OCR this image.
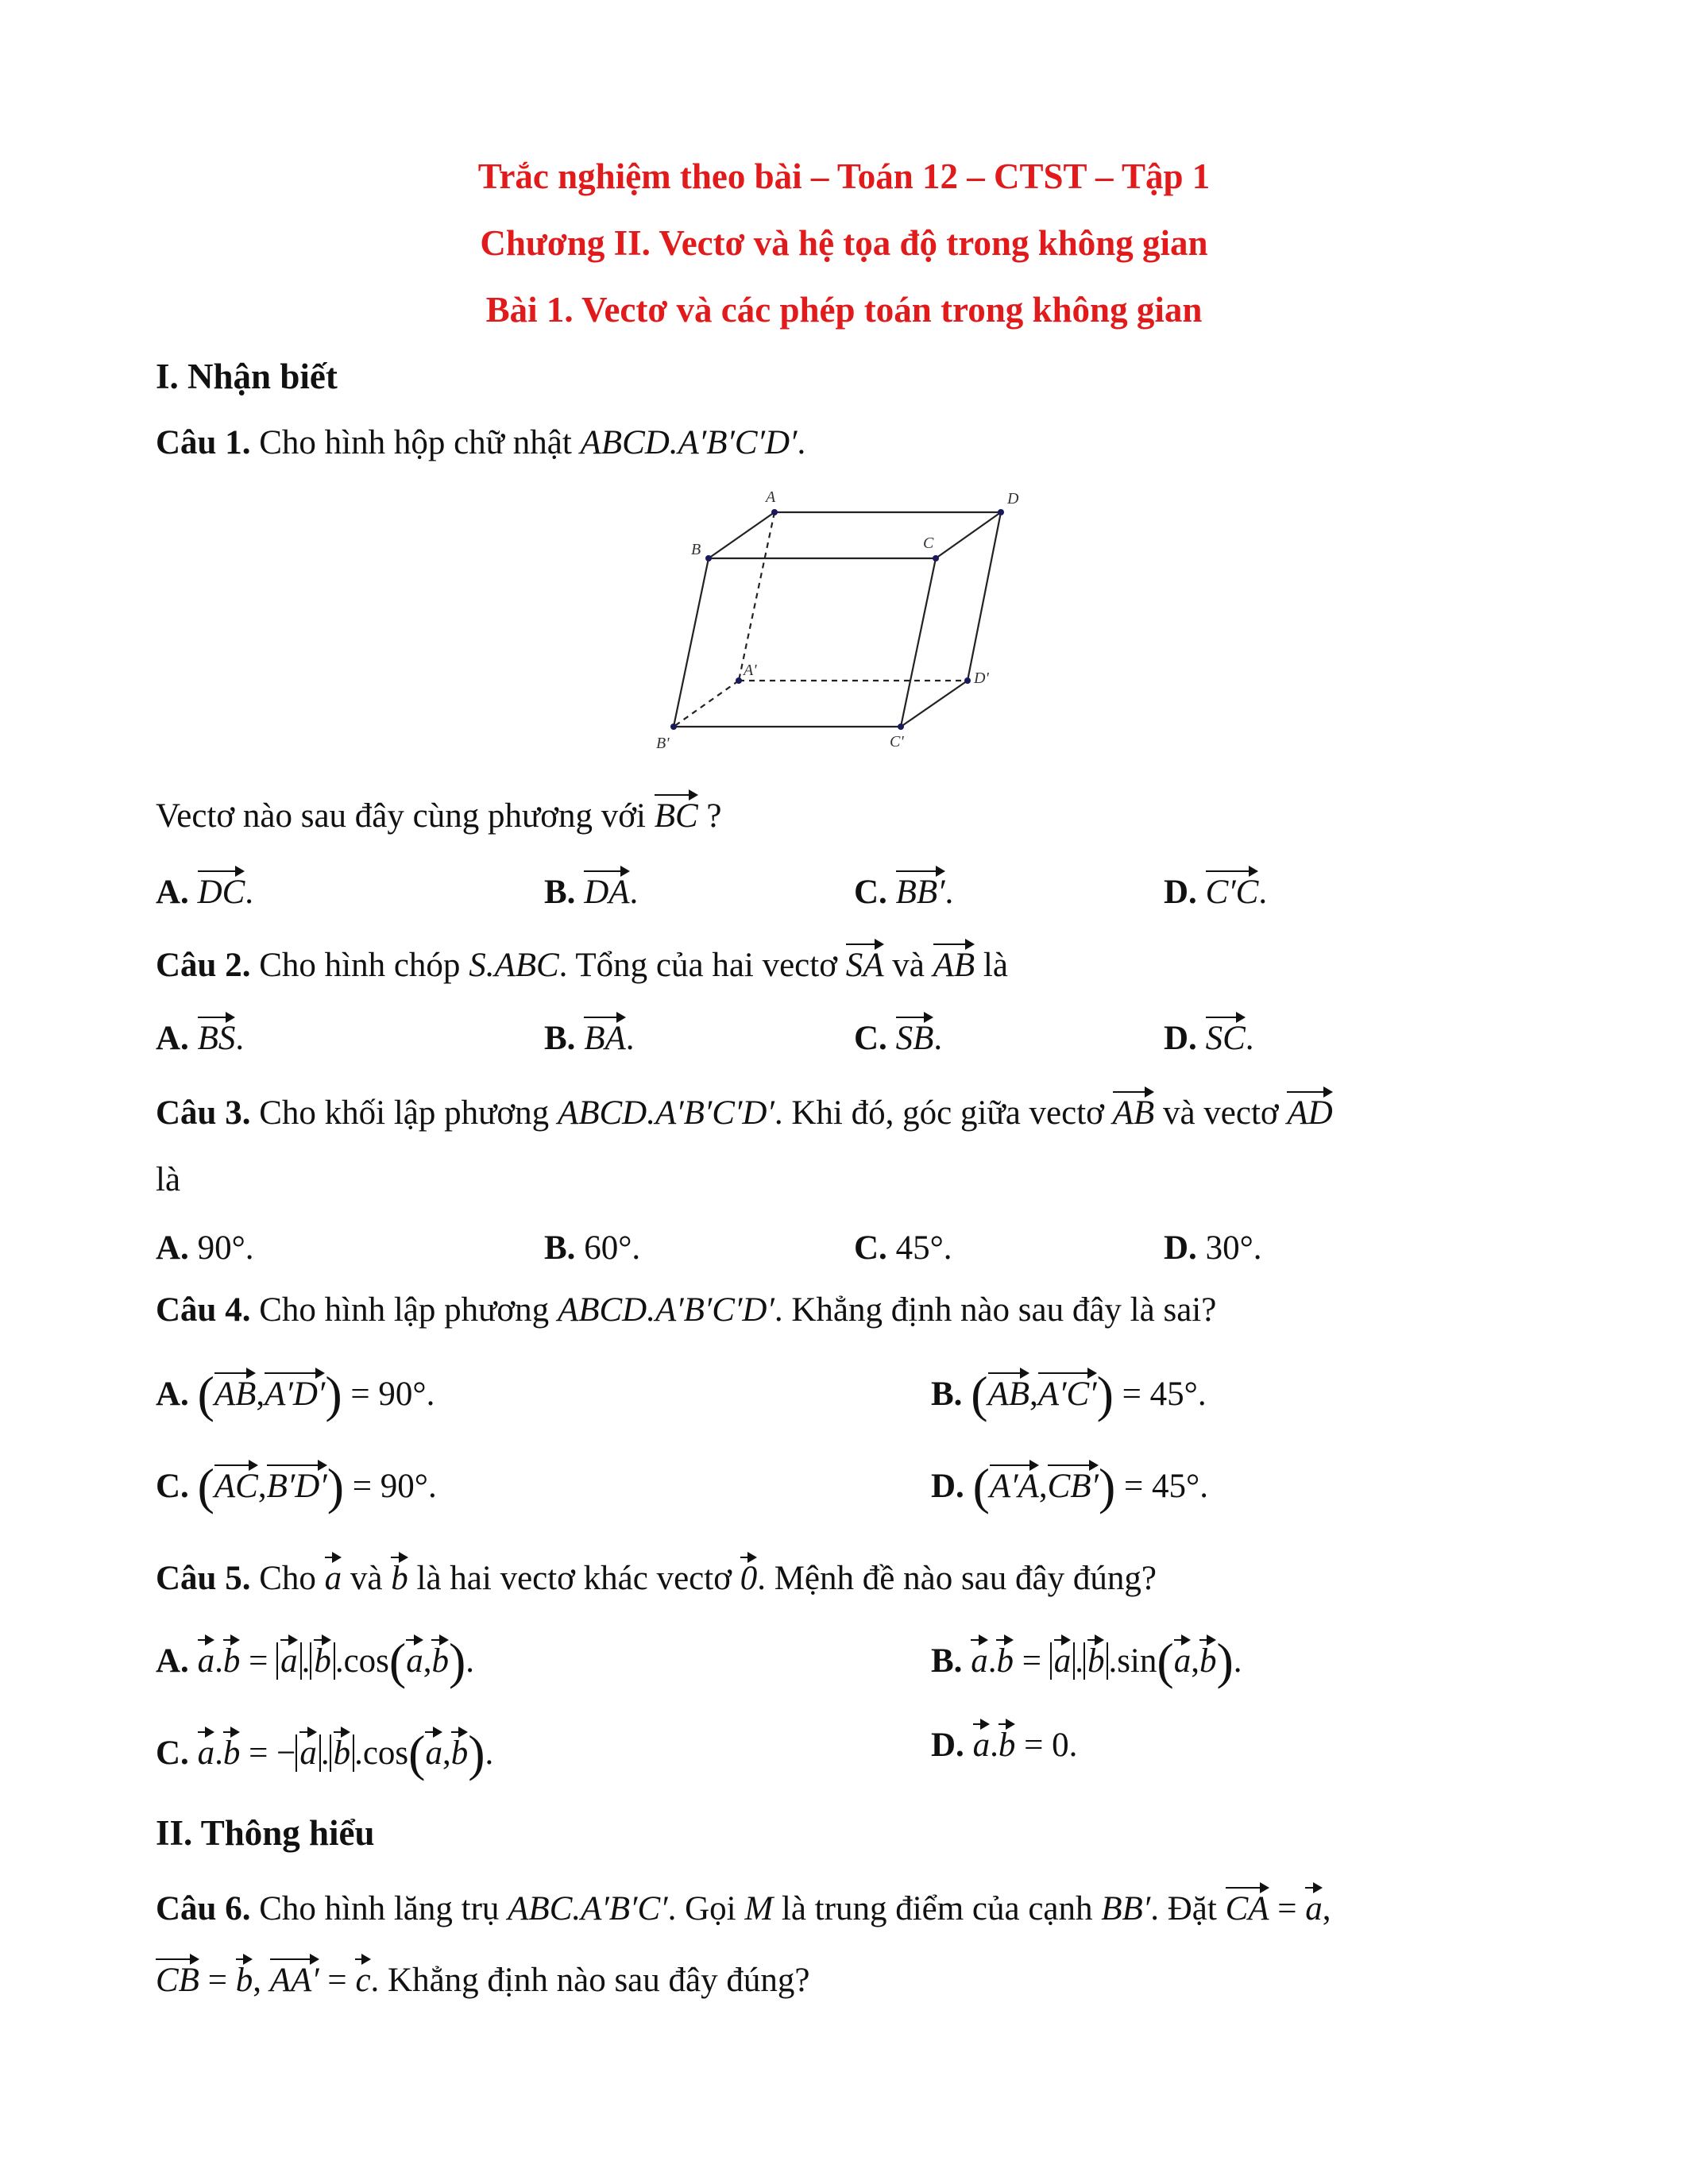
Trắc nghiệm theo bài – Toán 12 – CTST – Tập 1
Chương II. Vectơ và hệ tọa độ trong không gian
Bài 1. Vectơ và các phép toán trong không gian
I. Nhận biết
Câu 1. Cho hình hộp chữ nhật ABCD.A′B′C′D′.
A	D
B	C
A'	D'
B'	C'
Vectơ nào sau đây cùng phương với BC ?
A. DC.	B. DA.	C. BB′.	D. C′C.
Câu 2. Cho hình chóp S.ABC. Tổng của hai vectơ SA và AB là
A. BS.	B. BA.	C. SB.	D. SC.
Câu 3. Cho khối lập phương ABCD.A′B′C′D′. Khi đó, góc giữa vectơ AB và vectơ AD
là
A. 90°.	B. 60°.	C. 45°.	D. 30°.
Câu 4. Cho hình lập phương ABCD.A′B′C′D′. Khẳng định nào sau đây là sai?
A. (AB,A′D′) = 90°.	B. (AB,A′C′) = 45°.
C. (AC,B′D′) = 90°.	D. (A′A,CB′) = 45°.
Câu 5. Cho a và b là hai vectơ khác vectơ 0. Mệnh đề nào sau đây đúng?
A. a.b = a . b .cos(a,b).	B. a.b = a . b .sin(a,b).
C. a.b = − a . b .cos(a,b).	D. a.b = 0.
II. Thông hiểu
Câu 6. Cho hình lăng trụ ABC.A′B′C′. Gọi M là trung điểm của cạnh BB′. Đặt CA = a,
CB = b, AA′ = c. Khẳng định nào sau đây đúng?
